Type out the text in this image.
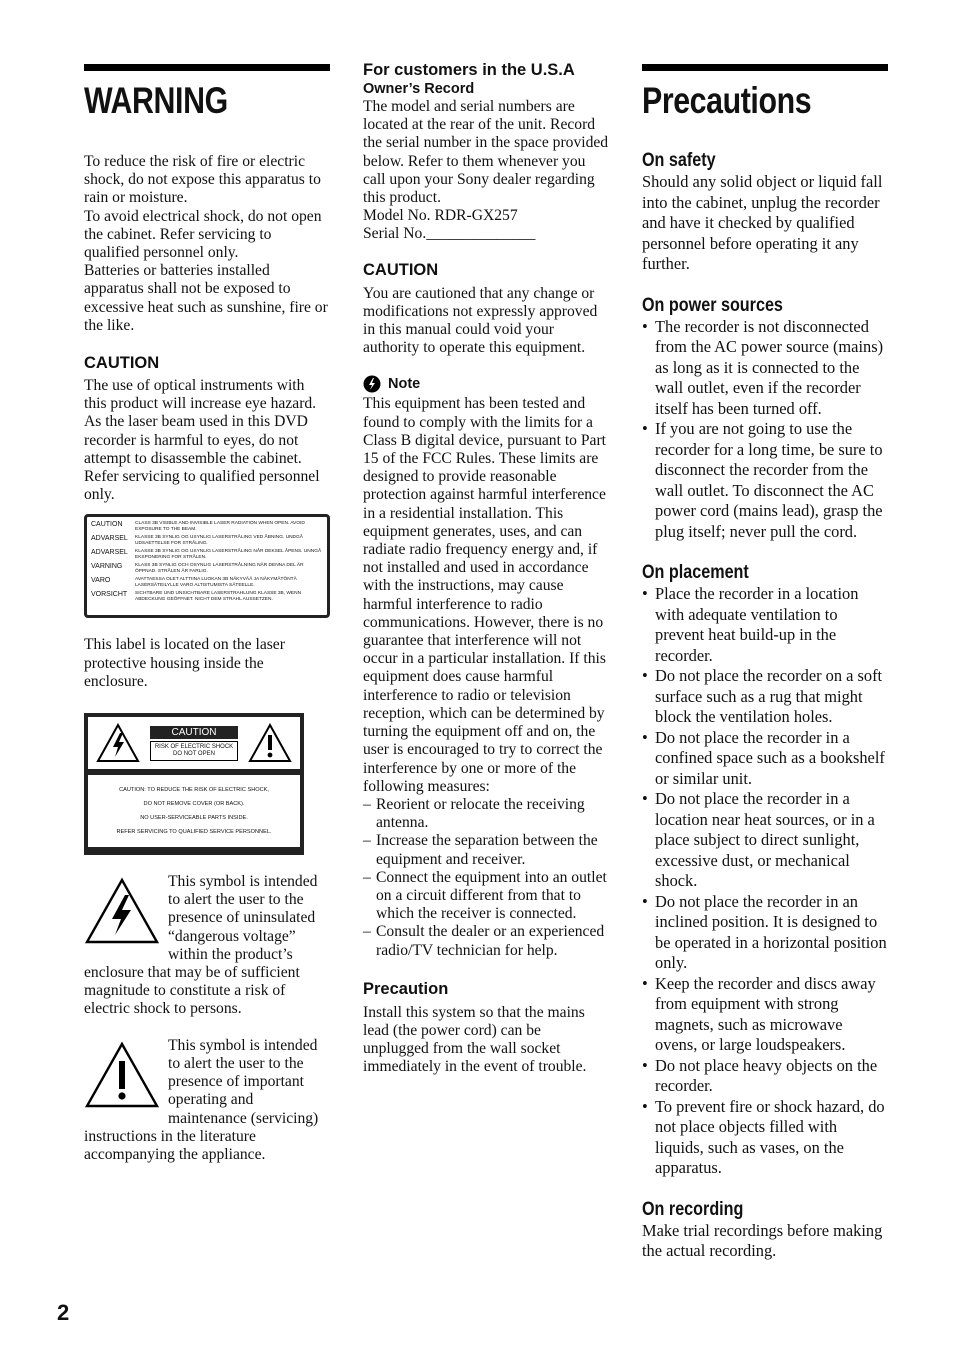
WARNING

To reduce the risk of fire or electric shock, do not expose this apparatus to rain or moisture.

To avoid electrical shock, do not open the cabinet. Refer servicing to qualified personnel only.

Batteries or batteries installed apparatus shall not be exposed to excessive heat such as sunshine, fire or the like.

CAUTION

The use of optical instruments with this product will increase eye hazard. As the laser beam used in this DVD recorder is harmful to eyes, do not attempt to disassemble the cabinet. Refer servicing to qualified personnel only.

CAUTION	CLASS 3B VISIBLE AND INVISIBLE LASER RADIATION WHEN OPEN. AVOID EXPOSURE TO THE BEAM.
ADVARSEL	KLASSE 3B SYNLIG OG USYNLIG LASERSTRÅLING VED ÅBNING. UNDGÅ UDSAETTELSE FOR STRÅLING.
ADVARSEL	KLASSE 3B SYNLIG OG USYNLIG LASERSTRÅLING NÅR DEKSEL ÅPENS. UNNGÅ EKSPONERING FOR STRÅLEN.
VARNING	KLASS 3B SYNLIG OCH OSYNLIG LASERSTRÅLNING NÄR DENNA DEL ÄR ÖPPNAD. STRÅLEN ÄR FARLIG.
VARO	AVATTAESSA OLET ALTTIINA LUOKAN 3B NÄKYVÄÄ JA NÄKYMÄTÖNTÄ LASERSÄTEILYLLE VARO ALTISTUMISTA SÄTEELLE.
VORSICHT	SICHTBARE UND UNSICHTBARE LASERSTRAHLUNG KLASSE 3B, WENN ABDECKUNG GEÖFFNET. NICHT DEM STRAHL AUSSETZEN.

This label is located on the laser protective housing inside the enclosure.

CAUTION
RISK OF ELECTRIC SHOCK
DO NOT OPEN
CAUTION: TO REDUCE THE RISK OF ELECTRIC SHOCK,
DO NOT REMOVE COVER (OR BACK).
NO USER-SERVICEABLE PARTS INSIDE.
REFER SERVICING TO QUALIFIED SERVICE PERSONNEL.

This symbol is intended to alert the user to the presence of uninsulated “dangerous voltage” within the product’s enclosure that may be of sufficient magnitude to constitute a risk of electric shock to persons.

This symbol is intended to alert the user to the presence of important operating and maintenance (servicing) instructions in the literature accompanying the appliance.

For customers in the U.S.A
Owner’s Record

The model and serial numbers are located at the rear of the unit. Record the serial number in the space provided below. Refer to them whenever you call upon your Sony dealer regarding this product.

Model No. RDR-GX257

Serial No.______________

CAUTION

You are cautioned that any change or modifications not expressly approved in this manual could void your authority to operate this equipment.

Note

This equipment has been tested and found to comply with the limits for a Class B digital device, pursuant to Part 15 of the FCC Rules. These limits are designed to provide reasonable protection against harmful interference in a residential installation. This equipment generates, uses, and can radiate radio frequency energy and, if not installed and used in accordance with the instructions, may cause harmful interference to radio communications. However, there is no guarantee that interference will not occur in a particular installation. If this equipment does cause harmful interference to radio or television reception, which can be determined by turning the equipment off and on, the user is encouraged to try to correct the interference by one or more of the following measures:

– Reorient or relocate the receiving antenna.
– Increase the separation between the equipment and receiver.
– Connect the equipment into an outlet on a circuit different from that to which the receiver is connected.
– Consult the dealer or an experienced radio/TV technician for help.
Precaution

Install this system so that the mains lead (the power cord) can be unplugged from the wall socket immediately in the event of trouble.

Precautions
On safety

Should any solid object or liquid fall into the cabinet, unplug the recorder and have it checked by qualified personnel before operating it any further.

On power sources
• The recorder is not disconnected from the AC power source (mains) as long as it is connected to the wall outlet, even if the recorder itself has been turned off.
• If you are not going to use the recorder for a long time, be sure to disconnect the recorder from the wall outlet. To disconnect the AC power cord (mains lead), grasp the plug itself; never pull the cord.
On placement
• Place the recorder in a location with adequate ventilation to prevent heat build-up in the recorder.
• Do not place the recorder on a soft surface such as a rug that might block the ventilation holes.
• Do not place the recorder in a confined space such as a bookshelf or similar unit.
• Do not place the recorder in a location near heat sources, or in a place subject to direct sunlight, excessive dust, or mechanical shock.
• Do not place the recorder in an inclined position. It is designed to be operated in a horizontal position only.
• Keep the recorder and discs away from equipment with strong magnets, such as microwave ovens, or large loudspeakers.
• Do not place heavy objects on the recorder.
• To prevent fire or shock hazard, do not place objects filled with liquids, such as vases, on the apparatus.
On recording

Make trial recordings before making the actual recording.

2
